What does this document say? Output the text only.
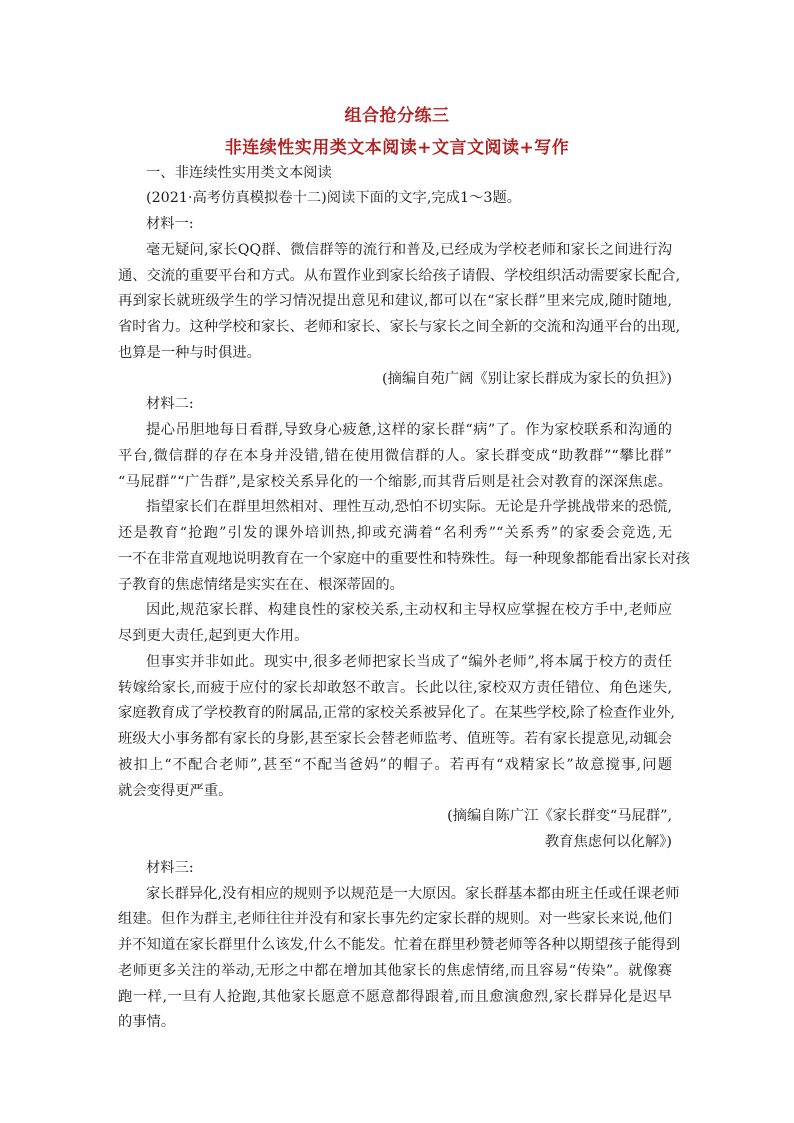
组合抢分练三
非连续性实用类文本阅读+文言文阅读+写作
一、非连续性实用类文本阅读
(2021·高考仿真模拟卷十二)阅读下面的文字,完成1～3题。
材料一:
毫无疑问,家长QQ群、微信群等的流行和普及,已经成为学校老师和家长之间进行沟
通、交流的重要平台和方式。从布置作业到家长给孩子请假、学校组织活动需要家长配合,
再到家长就班级学生的学习情况提出意见和建议,都可以在“家长群”里来完成,随时随地,
省时省力。这种学校和家长、老师和家长、家长与家长之间全新的交流和沟通平台的出现,
也算是一种与时俱进。
(摘编自苑广阔《别让家长群成为家长的负担》)
材料二:
提心吊胆地每日看群,导致身心疲惫,这样的家长群“病”了。作为家校联系和沟通的
平台,微信群的存在本身并没错,错在使用微信群的人。家长群变成“助教群”“攀比群”
“马屁群”“广告群”,是家校关系异化的一个缩影,而其背后则是社会对教育的深深焦虑。
指望家长们在群里坦然相对、理性互动,恐怕不切实际。无论是升学挑战带来的恐慌,
还是教育“抢跑”引发的课外培训热,抑或充满着“名利秀”“关系秀”的家委会竞选,无
一不在非常直观地说明教育在一个家庭中的重要性和特殊性。每一种现象都能看出家长对孩
子教育的焦虑情绪是实实在在、根深蒂固的。
因此,规范家长群、构建良性的家校关系,主动权和主导权应掌握在校方手中,老师应
尽到更大责任,起到更大作用。
但事实并非如此。现实中,很多老师把家长当成了“编外老师”,将本属于校方的责任
转嫁给家长,而疲于应付的家长却敢怒不敢言。长此以往,家校双方责任错位、角色迷失,
家庭教育成了学校教育的附属品,正常的家校关系被异化了。在某些学校,除了检查作业外,
班级大小事务都有家长的身影,甚至家长会替老师监考、值班等。若有家长提意见,动辄会
被扣上“不配合老师”,甚至“不配当爸妈”的帽子。若再有“戏精家长”故意搅事,问题
就会变得更严重。
(摘编自陈广江《家长群变“马屁群”,
教育焦虑何以化解》)
材料三:
家长群异化,没有相应的规则予以规范是一大原因。家长群基本都由班主任或任课老师
组建。但作为群主,老师往往并没有和家长事先约定家长群的规则。对一些家长来说,他们
并不知道在家长群里什么该发,什么不能发。忙着在群里秒赞老师等各种以期望孩子能得到
老师更多关注的举动,无形之中都在增加其他家长的焦虑情绪,而且容易“传染”。就像赛
跑一样,一旦有人抢跑,其他家长愿意不愿意都得跟着,而且愈演愈烈,家长群异化是迟早
的事情。
